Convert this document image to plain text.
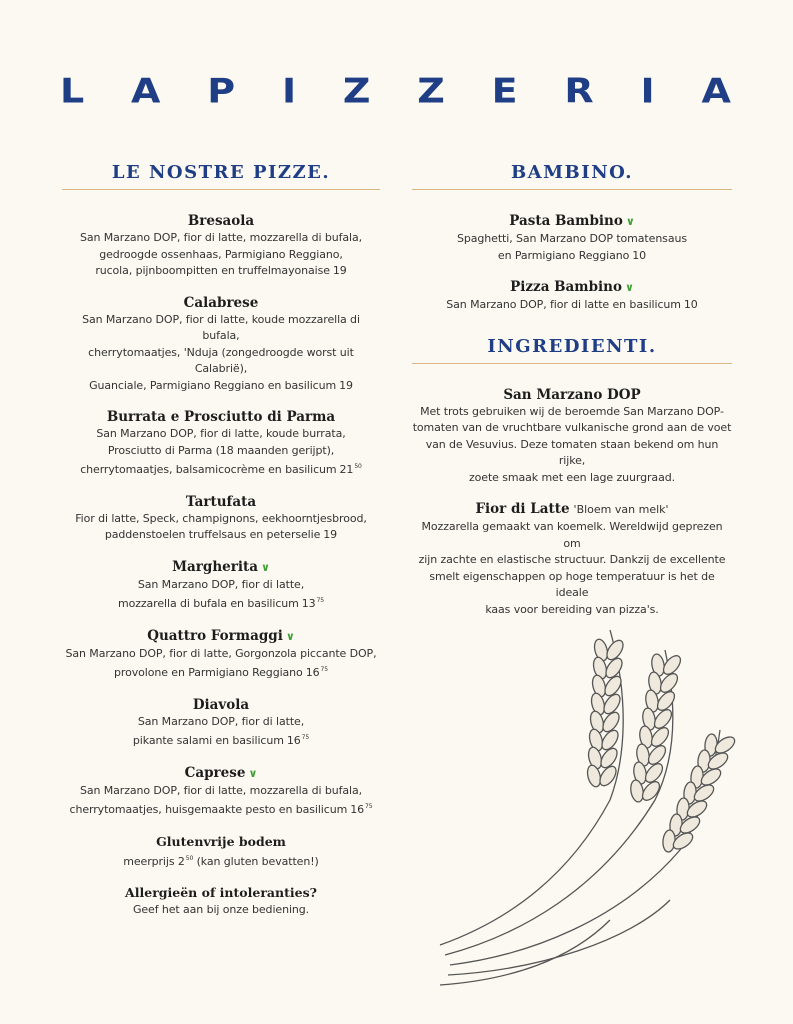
L A P I Z Z E R I A
LE NOSTRE PIZZE.
Bresaola
San Marzano DOP, fior di latte, mozzarella di bufala,
gedroogde ossenhaas, Parmigiano Reggiano,
rucola, pijnboompitten en truffelmayonaise 19
Calabrese
San Marzano DOP, fior di latte, koude mozzarella di bufala,
cherrytomaatjes, 'Nduja (zongedroogde worst uit Calabrië),
Guanciale, Parmigiano Reggiano en basilicum 19
Burrata e Prosciutto di Parma
San Marzano DOP, fior di latte, koude burrata,
Prosciutto di Parma (18 maanden gerijpt),
cherrytomaatjes, balsamicocrème en basilicum $21^{50}$
Tartufata
Fior di latte, Speck, champignons, eekhoorntjesbrood,
paddenstoelen truffelsaus en peterselie 19
Margherita ∨
San Marzano DOP, fior di latte,
mozzarella di bufala en basilicum $13^{75}$
Quattro Formaggi ∨
San Marzano DOP, fior di latte, Gorgonzola piccante DOP,
provolone en Parmigiano Reggiano $16^{75}$
Diavola
San Marzano DOP, fior di latte,
pikante salami en basilicum $16^{75}$
Caprese ∨
San Marzano DOP, fior di latte, mozzarella di bufala,
cherrytomaatjes, huisgemaakte pesto en basilicum $16^{75}$
Glutenvrije bodem
meerprijs $2^{50}$ (kan gluten bevatten!)
Allergieën of intoleranties?
Geef het aan bij onze bediening.
BAMBINO.
Pasta Bambino ∨
Spaghetti, San Marzano DOP tomatensaus
en Parmigiano Reggiano 10
Pizza Bambino ∨
San Marzano DOP, fior di latte en basilicum 10
INGREDIENTI.
San Marzano DOP
Met trots gebruiken wij de beroemde San Marzano DOP-
tomaten van de vruchtbare vulkanische grond aan de voet
van de Vesuvius. Deze tomaten staan bekend om hun rijke,
zoete smaak met een lage zuurgraad.
Fior di Latte 'Bloem van melk'
Mozzarella gemaakt van koemelk. Wereldwijd geprezen om
zijn zachte en elastische structuur. Dankzij de excellente
smelt eigenschappen op hoge temperatuur is het de ideale
kaas voor bereiding van pizza's.
